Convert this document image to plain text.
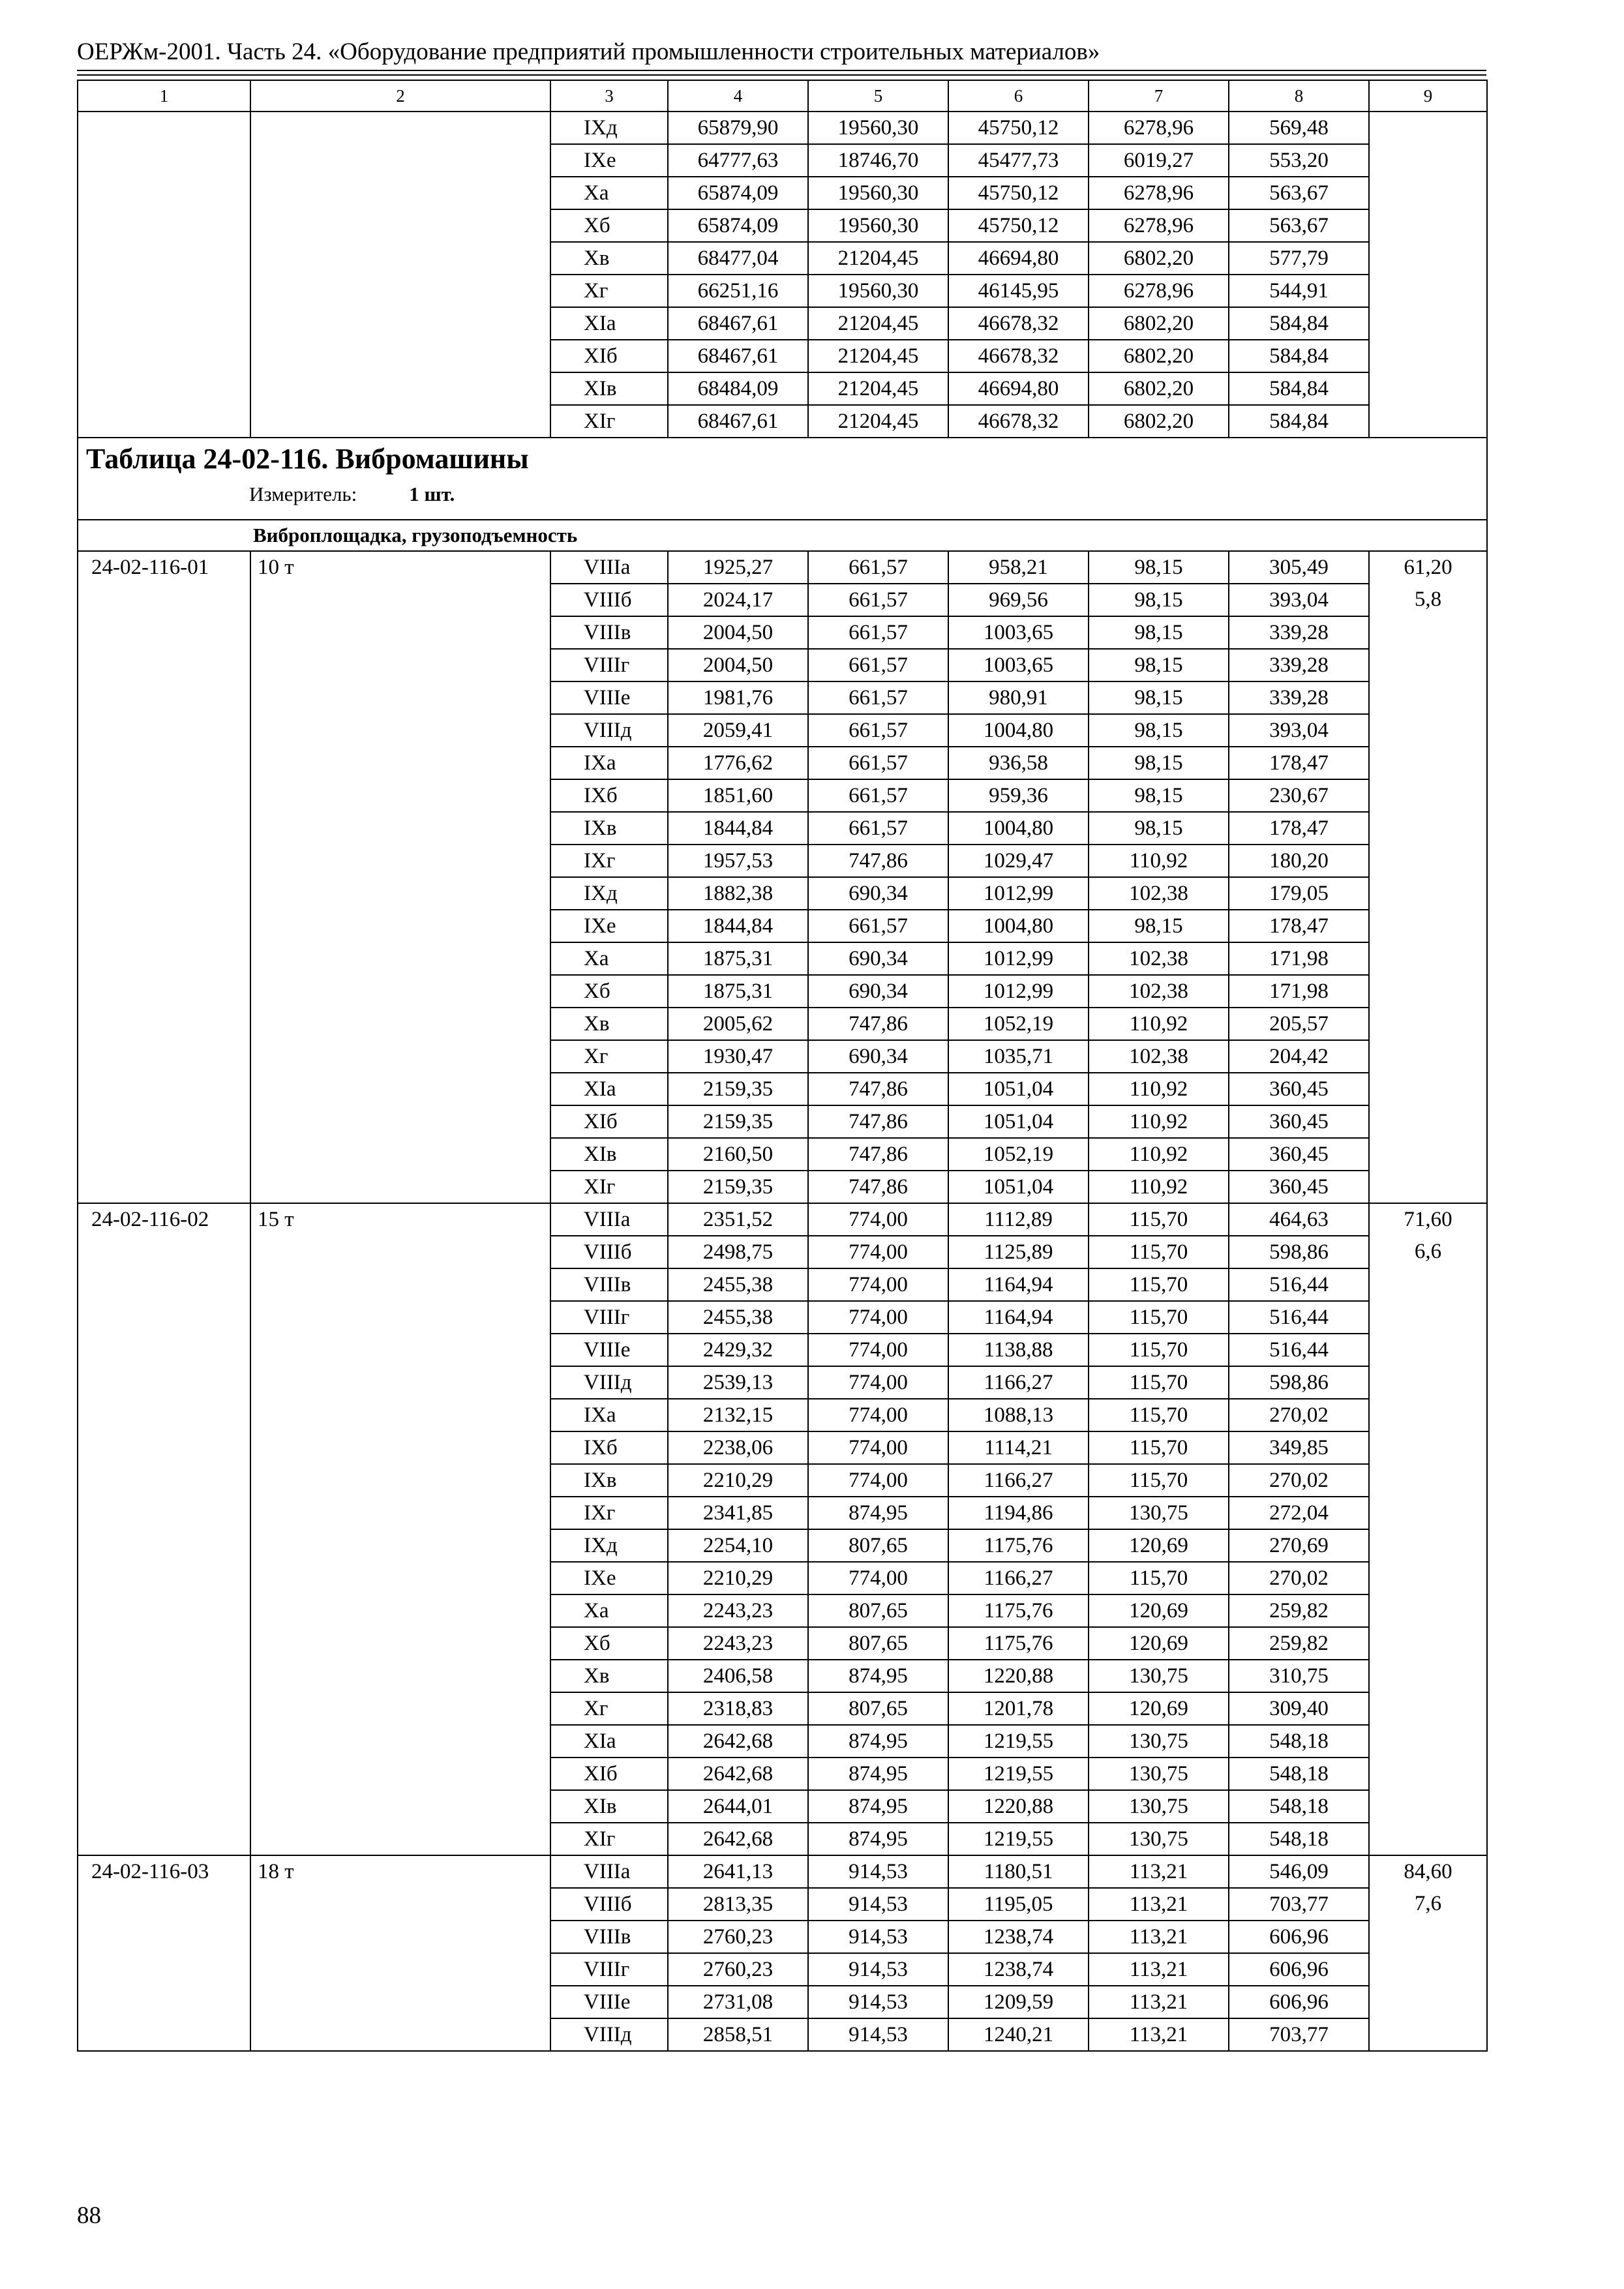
ОЕРЖм-2001. Часть 24. «Оборудование предприятий промышленности строительных материалов»
1	2	3	4	5	6	7	8	9
		IXд	65879,90	19560,30	45750,12	6278,96	569,48	
		IXе	64777,63	18746,70	45477,73	6019,27	553,20	
		Xа	65874,09	19560,30	45750,12	6278,96	563,67	
		Xб	65874,09	19560,30	45750,12	6278,96	563,67	
		Xв	68477,04	21204,45	46694,80	6802,20	577,79	
		Xг	66251,16	19560,30	46145,95	6278,96	544,91	
		XIа	68467,61	21204,45	46678,32	6802,20	584,84	
		XIб	68467,61	21204,45	46678,32	6802,20	584,84	
		XIв	68484,09	21204,45	46694,80	6802,20	584,84	
		XIг	68467,61	21204,45	46678,32	6802,20	584,84	

Таблица 24-02-116. Вибромашины
Измеритель: 1 шт.								

Виброплощадка, грузоподъемность								
24-02-116-01	10 т	VIIIа	1925,27	661,57	958,21	98,15	305,49	61,20
		VIIIб	2024,17	661,57	969,56	98,15	393,04	5,8
		VIIIв	2004,50	661,57	1003,65	98,15	339,28	
		VIIIг	2004,50	661,57	1003,65	98,15	339,28	
		VIIIе	1981,76	661,57	980,91	98,15	339,28	
		VIIIд	2059,41	661,57	1004,80	98,15	393,04	
		IXа	1776,62	661,57	936,58	98,15	178,47	
		IXб	1851,60	661,57	959,36	98,15	230,67	
		IXв	1844,84	661,57	1004,80	98,15	178,47	
		IXг	1957,53	747,86	1029,47	110,92	180,20	
		IXд	1882,38	690,34	1012,99	102,38	179,05	
		IXе	1844,84	661,57	1004,80	98,15	178,47	
		Xа	1875,31	690,34	1012,99	102,38	171,98	
		Xб	1875,31	690,34	1012,99	102,38	171,98	
		Xв	2005,62	747,86	1052,19	110,92	205,57	
		Xг	1930,47	690,34	1035,71	102,38	204,42	
		XIа	2159,35	747,86	1051,04	110,92	360,45	
		XIб	2159,35	747,86	1051,04	110,92	360,45	
		XIв	2160,50	747,86	1052,19	110,92	360,45	
		XIг	2159,35	747,86	1051,04	110,92	360,45	
24-02-116-02	15 т	VIIIа	2351,52	774,00	1112,89	115,70	464,63	71,60
		VIIIб	2498,75	774,00	1125,89	115,70	598,86	6,6
		VIIIв	2455,38	774,00	1164,94	115,70	516,44	
		VIIIг	2455,38	774,00	1164,94	115,70	516,44	
		VIIIе	2429,32	774,00	1138,88	115,70	516,44	
		VIIIд	2539,13	774,00	1166,27	115,70	598,86	
		IXа	2132,15	774,00	1088,13	115,70	270,02	
		IXб	2238,06	774,00	1114,21	115,70	349,85	
		IXв	2210,29	774,00	1166,27	115,70	270,02	
		IXг	2341,85	874,95	1194,86	130,75	272,04	
		IXд	2254,10	807,65	1175,76	120,69	270,69	
		IXе	2210,29	774,00	1166,27	115,70	270,02	
		Xа	2243,23	807,65	1175,76	120,69	259,82	
		Xб	2243,23	807,65	1175,76	120,69	259,82	
		Xв	2406,58	874,95	1220,88	130,75	310,75	
		Xг	2318,83	807,65	1201,78	120,69	309,40	
		XIа	2642,68	874,95	1219,55	130,75	548,18	
		XIб	2642,68	874,95	1219,55	130,75	548,18	
		XIв	2644,01	874,95	1220,88	130,75	548,18	
		XIг	2642,68	874,95	1219,55	130,75	548,18	
24-02-116-03	18 т	VIIIа	2641,13	914,53	1180,51	113,21	546,09	84,60
		VIIIб	2813,35	914,53	1195,05	113,21	703,77	7,6
		VIIIв	2760,23	914,53	1238,74	113,21	606,96	
		VIIIг	2760,23	914,53	1238,74	113,21	606,96	
		VIIIе	2731,08	914,53	1209,59	113,21	606,96	
		VIIIд	2858,51	914,53	1240,21	113,21	703,77	
88
